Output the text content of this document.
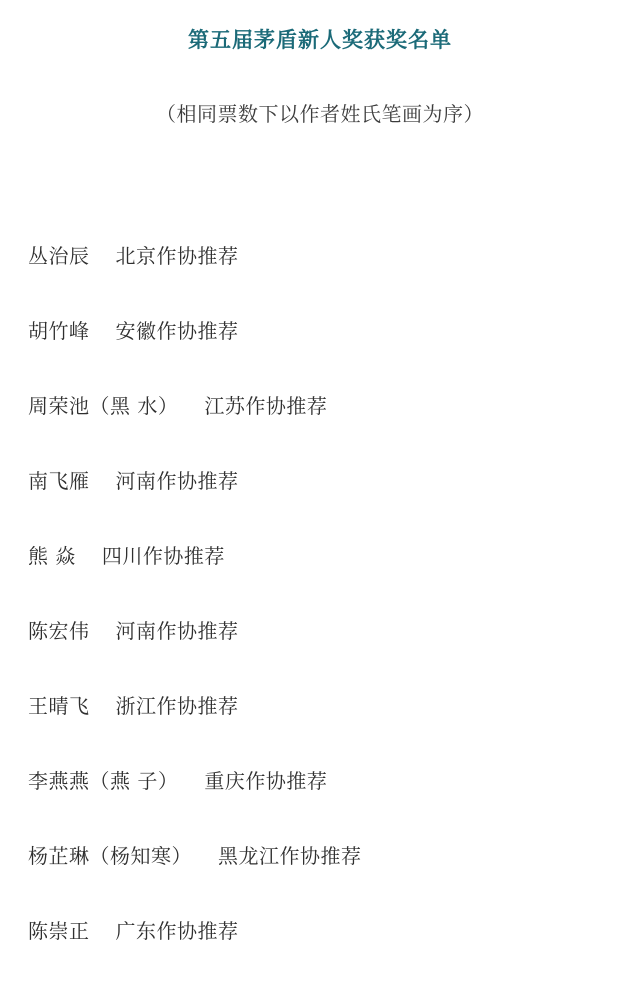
第五届茅盾新人奖获奖名单

（相同票数下以作者姓氏笔画为序）

丛治辰 北京作协推荐
胡竹峰 安徽作协推荐
周荣池（黑 水） 江苏作协推荐
南飞雁 河南作协推荐
熊 焱 四川作协推荐
陈宏伟 河南作协推荐
王晴飞 浙江作协推荐
李燕燕（燕 子） 重庆作协推荐
杨芷琳（杨知寒） 黑龙江作协推荐
陈崇正 广东作协推荐
